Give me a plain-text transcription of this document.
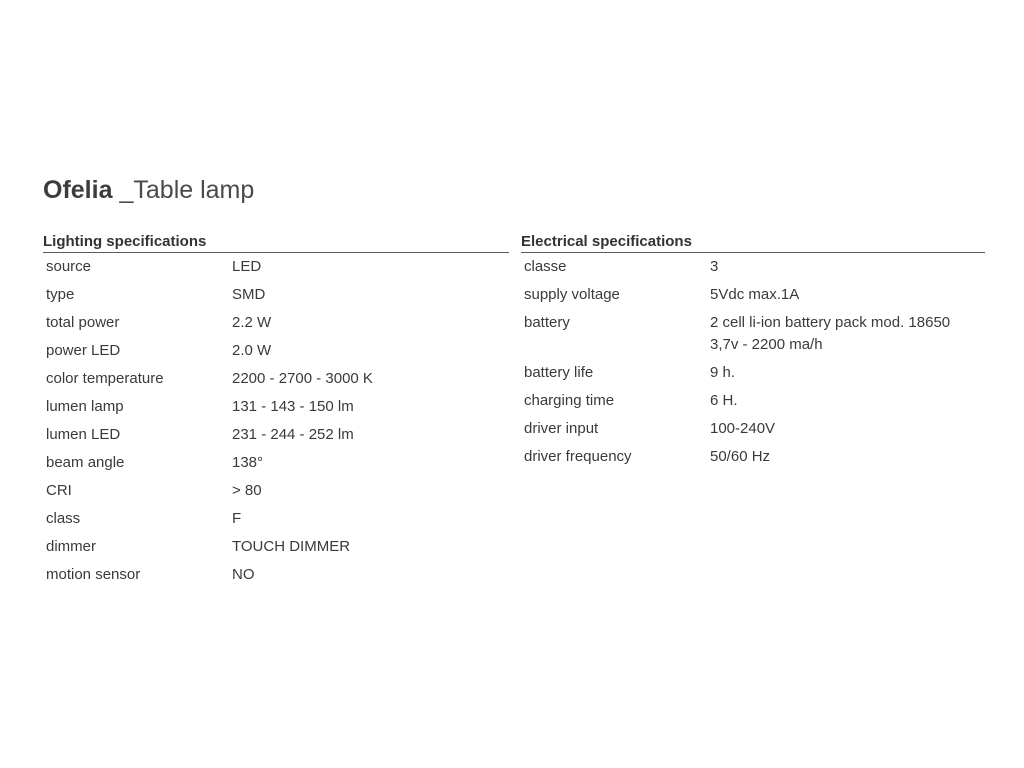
Ofelia _Table lamp
Lighting specifications
source	LED
type	SMD
total power	2.2 W
power LED	2.0 W
color temperature	2200 - 2700 - 3000 K
lumen lamp	131 - 143 - 150 lm
lumen LED	231 - 244 - 252 lm
beam angle	138°
CRI	> 80
class	F
dimmer	TOUCH DIMMER
motion sensor	NO
Electrical specifications
classe	3
supply voltage	5Vdc max.1A
battery	2 cell li-ion battery pack mod. 18650
3,7v - 2200 ma/h
battery life	9 h.
charging time	6 H.
driver input	100-240V
driver frequency	50/60 Hz
